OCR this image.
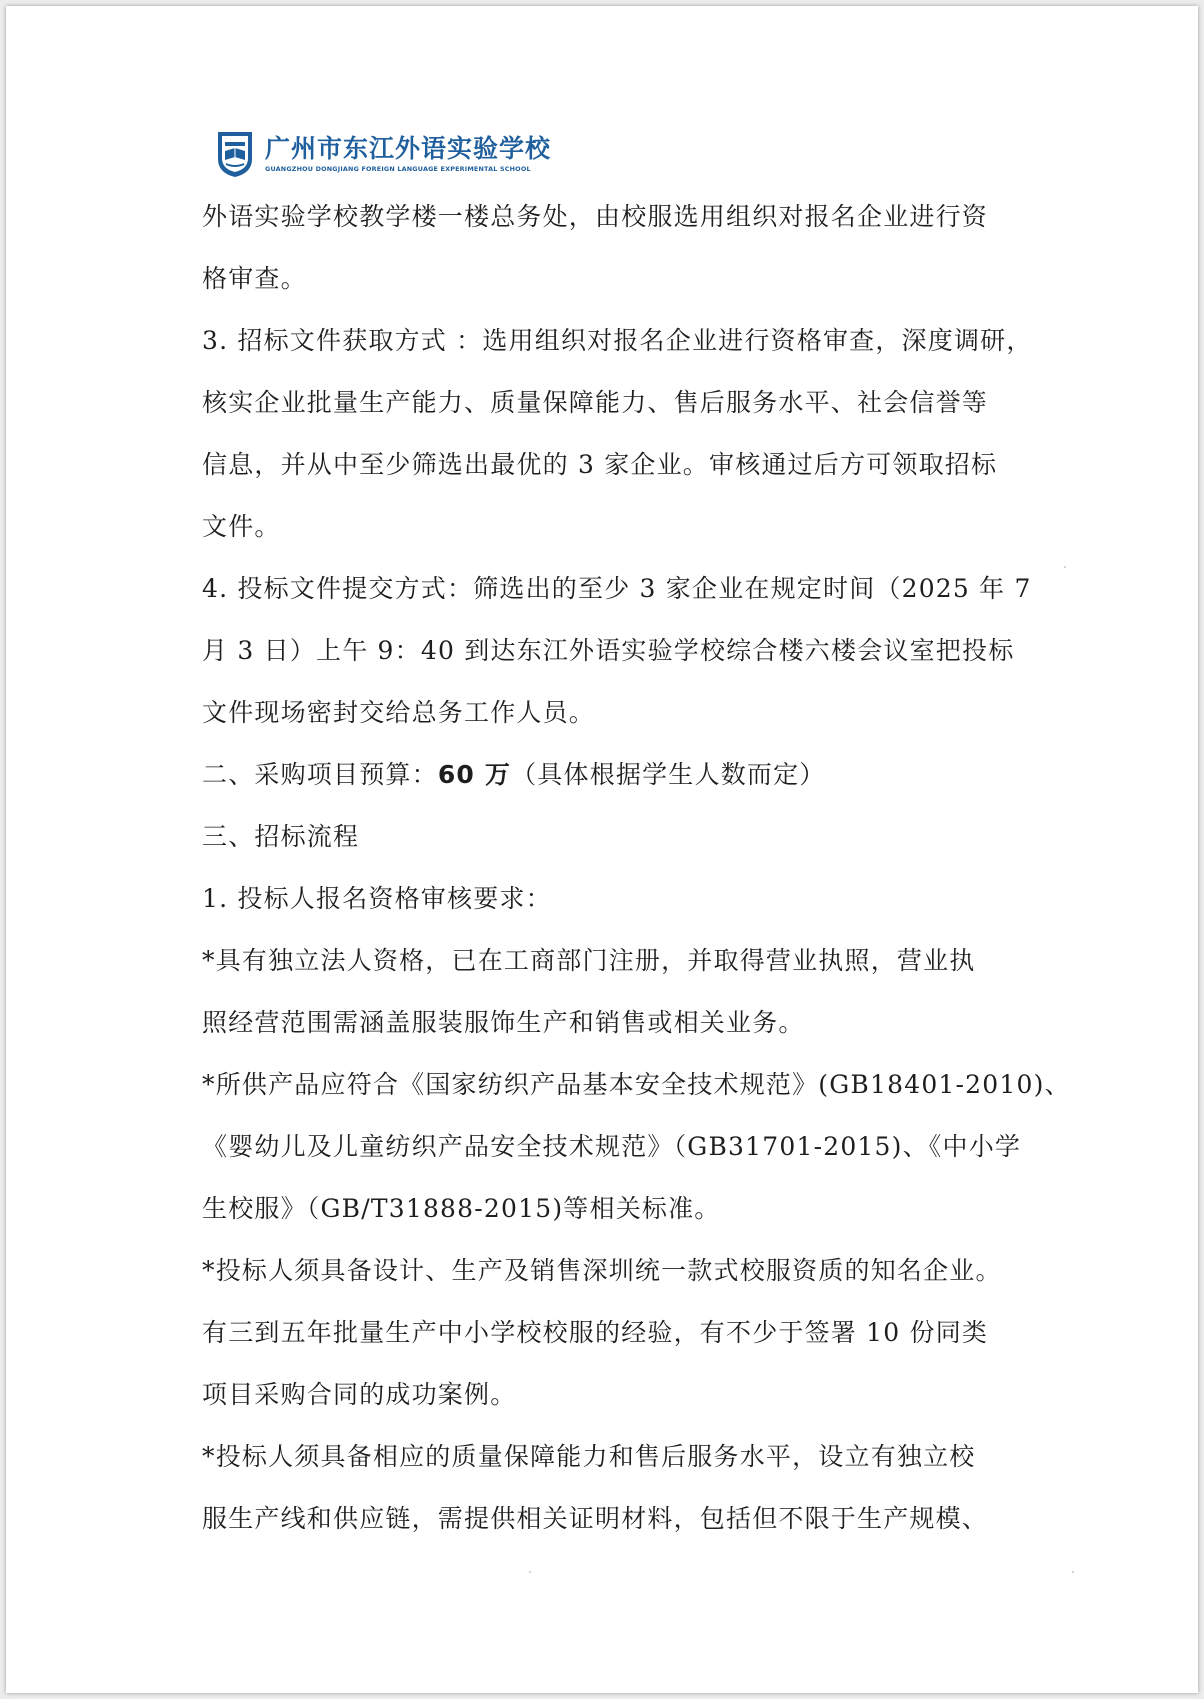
广州市东江外语实验学校
GUANGZHOU DONGJIANG FOREIGN LANGUAGE EXPERIMENTAL SCHOOL
外语实验学校教学楼一楼总务处，由校服选用组织对报名企业进行资
格审查。
3. 招标文件获取方式 ：选用组织对报名企业进行资格审查，深度调研，
核实企业批量生产能力、质量保障能力、售后服务水平、社会信誉等
信息，并从中至少筛选出最优的 3 家企业。审核通过后方可领取招标
文件。
4. 投标文件提交方式：筛选出的至少 3 家企业在规定时间（2025 年 7
月 3 日）上午 9：40 到达东江外语实验学校综合楼六楼会议室把投标
文件现场密封交给总务工作人员。
二、采购项目预算：60 万（具体根据学生人数而定）
三、招标流程
1. 投标人报名资格审核要求：
*具有独立法人资格，已在工商部门注册，并取得营业执照，营业执
照经营范围需涵盖服装服饰生产和销售或相关业务。
*所供产品应符合《国家纺织产品基本安全技术规范》(GB18401-2010)、
《婴幼儿及儿童纺织产品安全技术规范》（GB31701-2015)、《中小学
生校服》（GB/T31888-2015)等相关标准。
*投标人须具备设计、生产及销售深圳统一款式校服资质的知名企业。
有三到五年批量生产中小学校校服的经验，有不少于签署 10 份同类
项目采购合同的成功案例。
*投标人须具备相应的质量保障能力和售后服务水平，设立有独立校
服生产线和供应链，需提供相关证明材料，包括但不限于生产规模、
